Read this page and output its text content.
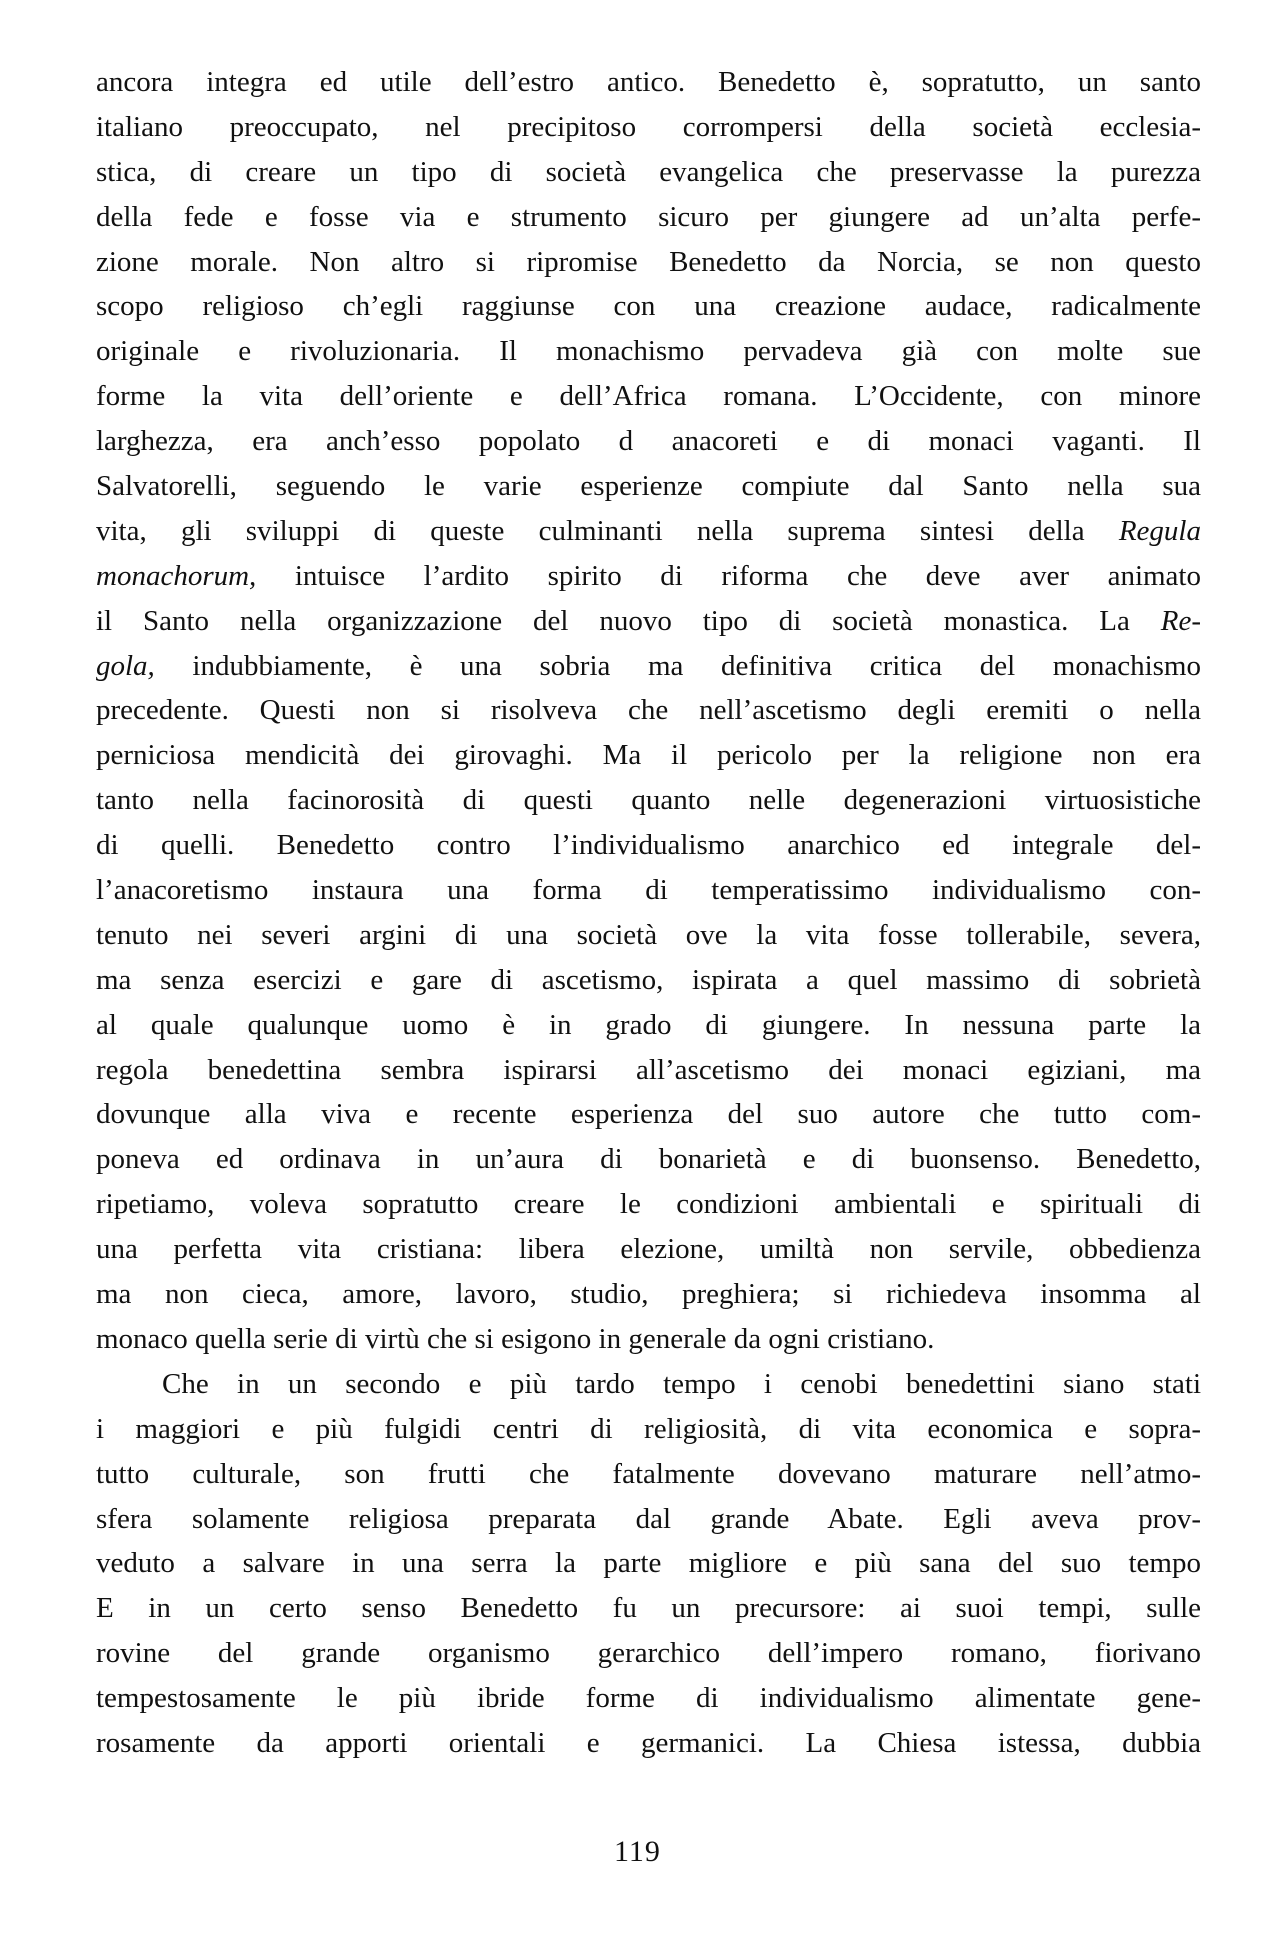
ancora integra ed utile dell’estro antico. Benedetto è, sopratutto, un santo
italiano preoccupato, nel precipitoso corrompersi della società ecclesia-
stica, di creare un tipo di società evangelica che preservasse la purezza
della fede e fosse via e strumento sicuro per giungere ad un’alta perfe-
zione morale. Non altro si ripromise Benedetto da Norcia, se non questo
scopo religioso ch’egli raggiunse con una creazione audace, radicalmente
originale e rivoluzionaria. Il monachismo pervadeva già con molte sue
forme la vita dell’oriente e dell’Africa romana. L’Occidente, con minore
larghezza, era anch’esso popolato d anacoreti e di monaci vaganti. Il
Salvatorelli, seguendo le varie esperienze compiute dal Santo nella sua
vita, gli sviluppi di queste culminanti nella suprema sintesi della Regula
monachorum, intuisce l’ardito spirito di riforma che deve aver animato
il Santo nella organizzazione del nuovo tipo di società monastica. La Re-
gola, indubbiamente, è una sobria ma definitiva critica del monachismo
precedente. Questi non si risolveva che nell’ascetismo degli eremiti o nella
perniciosa mendicità dei girovaghi. Ma il pericolo per la religione non era
tanto nella facinorosità di questi quanto nelle degenerazioni virtuosistiche
di quelli. Benedetto contro l’individualismo anarchico ed integrale del-
l’anacoretismo instaura una forma di temperatissimo individualismo con-
tenuto nei severi argini di una società ove la vita fosse tollerabile, severa,
ma senza esercizi e gare di ascetismo, ispirata a quel massimo di sobrietà
al quale qualunque uomo è in grado di giungere. In nessuna parte la
regola benedettina sembra ispirarsi all’ascetismo dei monaci egiziani, ma
dovunque alla viva e recente esperienza del suo autore che tutto com-
poneva ed ordinava in un’aura di bonarietà e di buonsenso. Benedetto,
ripetiamo, voleva sopratutto creare le condizioni ambientali e spirituali di
una perfetta vita cristiana: libera elezione, umiltà non servile, obbedienza
ma non cieca, amore, lavoro, studio, preghiera; si richiedeva insomma al
monaco quella serie di virtù che si esigono in generale da ogni cristiano.
Che in un secondo e più tardo tempo i cenobi benedettini siano stati
i maggiori e più fulgidi centri di religiosità, di vita economica e sopra-
tutto culturale, son frutti che fatalmente dovevano maturare nell’atmo-
sfera solamente religiosa preparata dal grande Abate. Egli aveva prov-
veduto a salvare in una serra la parte migliore e più sana del suo tempo
E in un certo senso Benedetto fu un precursore: ai suoi tempi, sulle
rovine del grande organismo gerarchico dell’impero romano, fiorivano
tempestosamente le più ibride forme di individualismo alimentate gene-
rosamente da apporti orientali e germanici. La Chiesa istessa, dubbia
119
